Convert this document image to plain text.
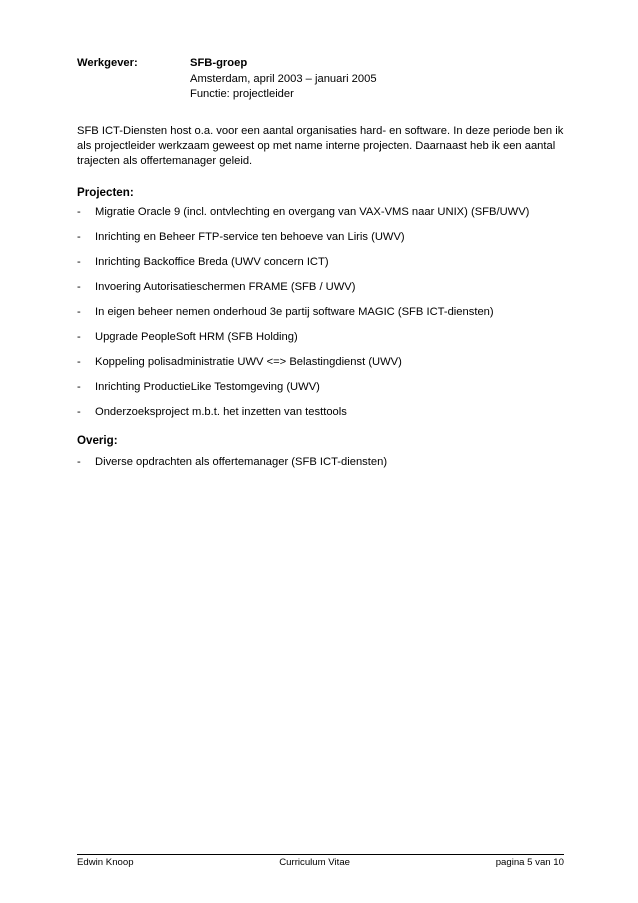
Werkgever:	SFB-groep
Amsterdam, april 2003 – januari 2005
Functie: projectleider

SFB ICT-Diensten host o.a. voor een aantal organisaties hard- en software. In deze periode ben ik als projectleider werkzaam geweest op met name interne projecten. Daarnaast heb ik een aantal trajecten als offertemanager geleid.

Projecten:
-	Migratie Oracle 9 (incl. ontvlechting en overgang van VAX-VMS naar UNIX) (SFB/UWV)
-	Inrichting en Beheer FTP-service ten behoeve van Liris (UWV)
-	Inrichting Backoffice Breda (UWV concern ICT)
-	Invoering Autorisatieschermen FRAME (SFB / UWV)
-	In eigen beheer nemen onderhoud 3e partij software MAGIC (SFB ICT-diensten)
-	Upgrade PeopleSoft HRM (SFB Holding)
-	Koppeling polisadministratie UWV <=> Belastingdienst (UWV)
-	Inrichting ProductieLike Testomgeving (UWV)
-	Onderzoeksproject m.b.t. het inzetten van testtools
Overig:
-	Diverse opdrachten als offertemanager (SFB ICT-diensten)
Edwin Knoop	Curriculum Vitae	pagina 5 van 10
